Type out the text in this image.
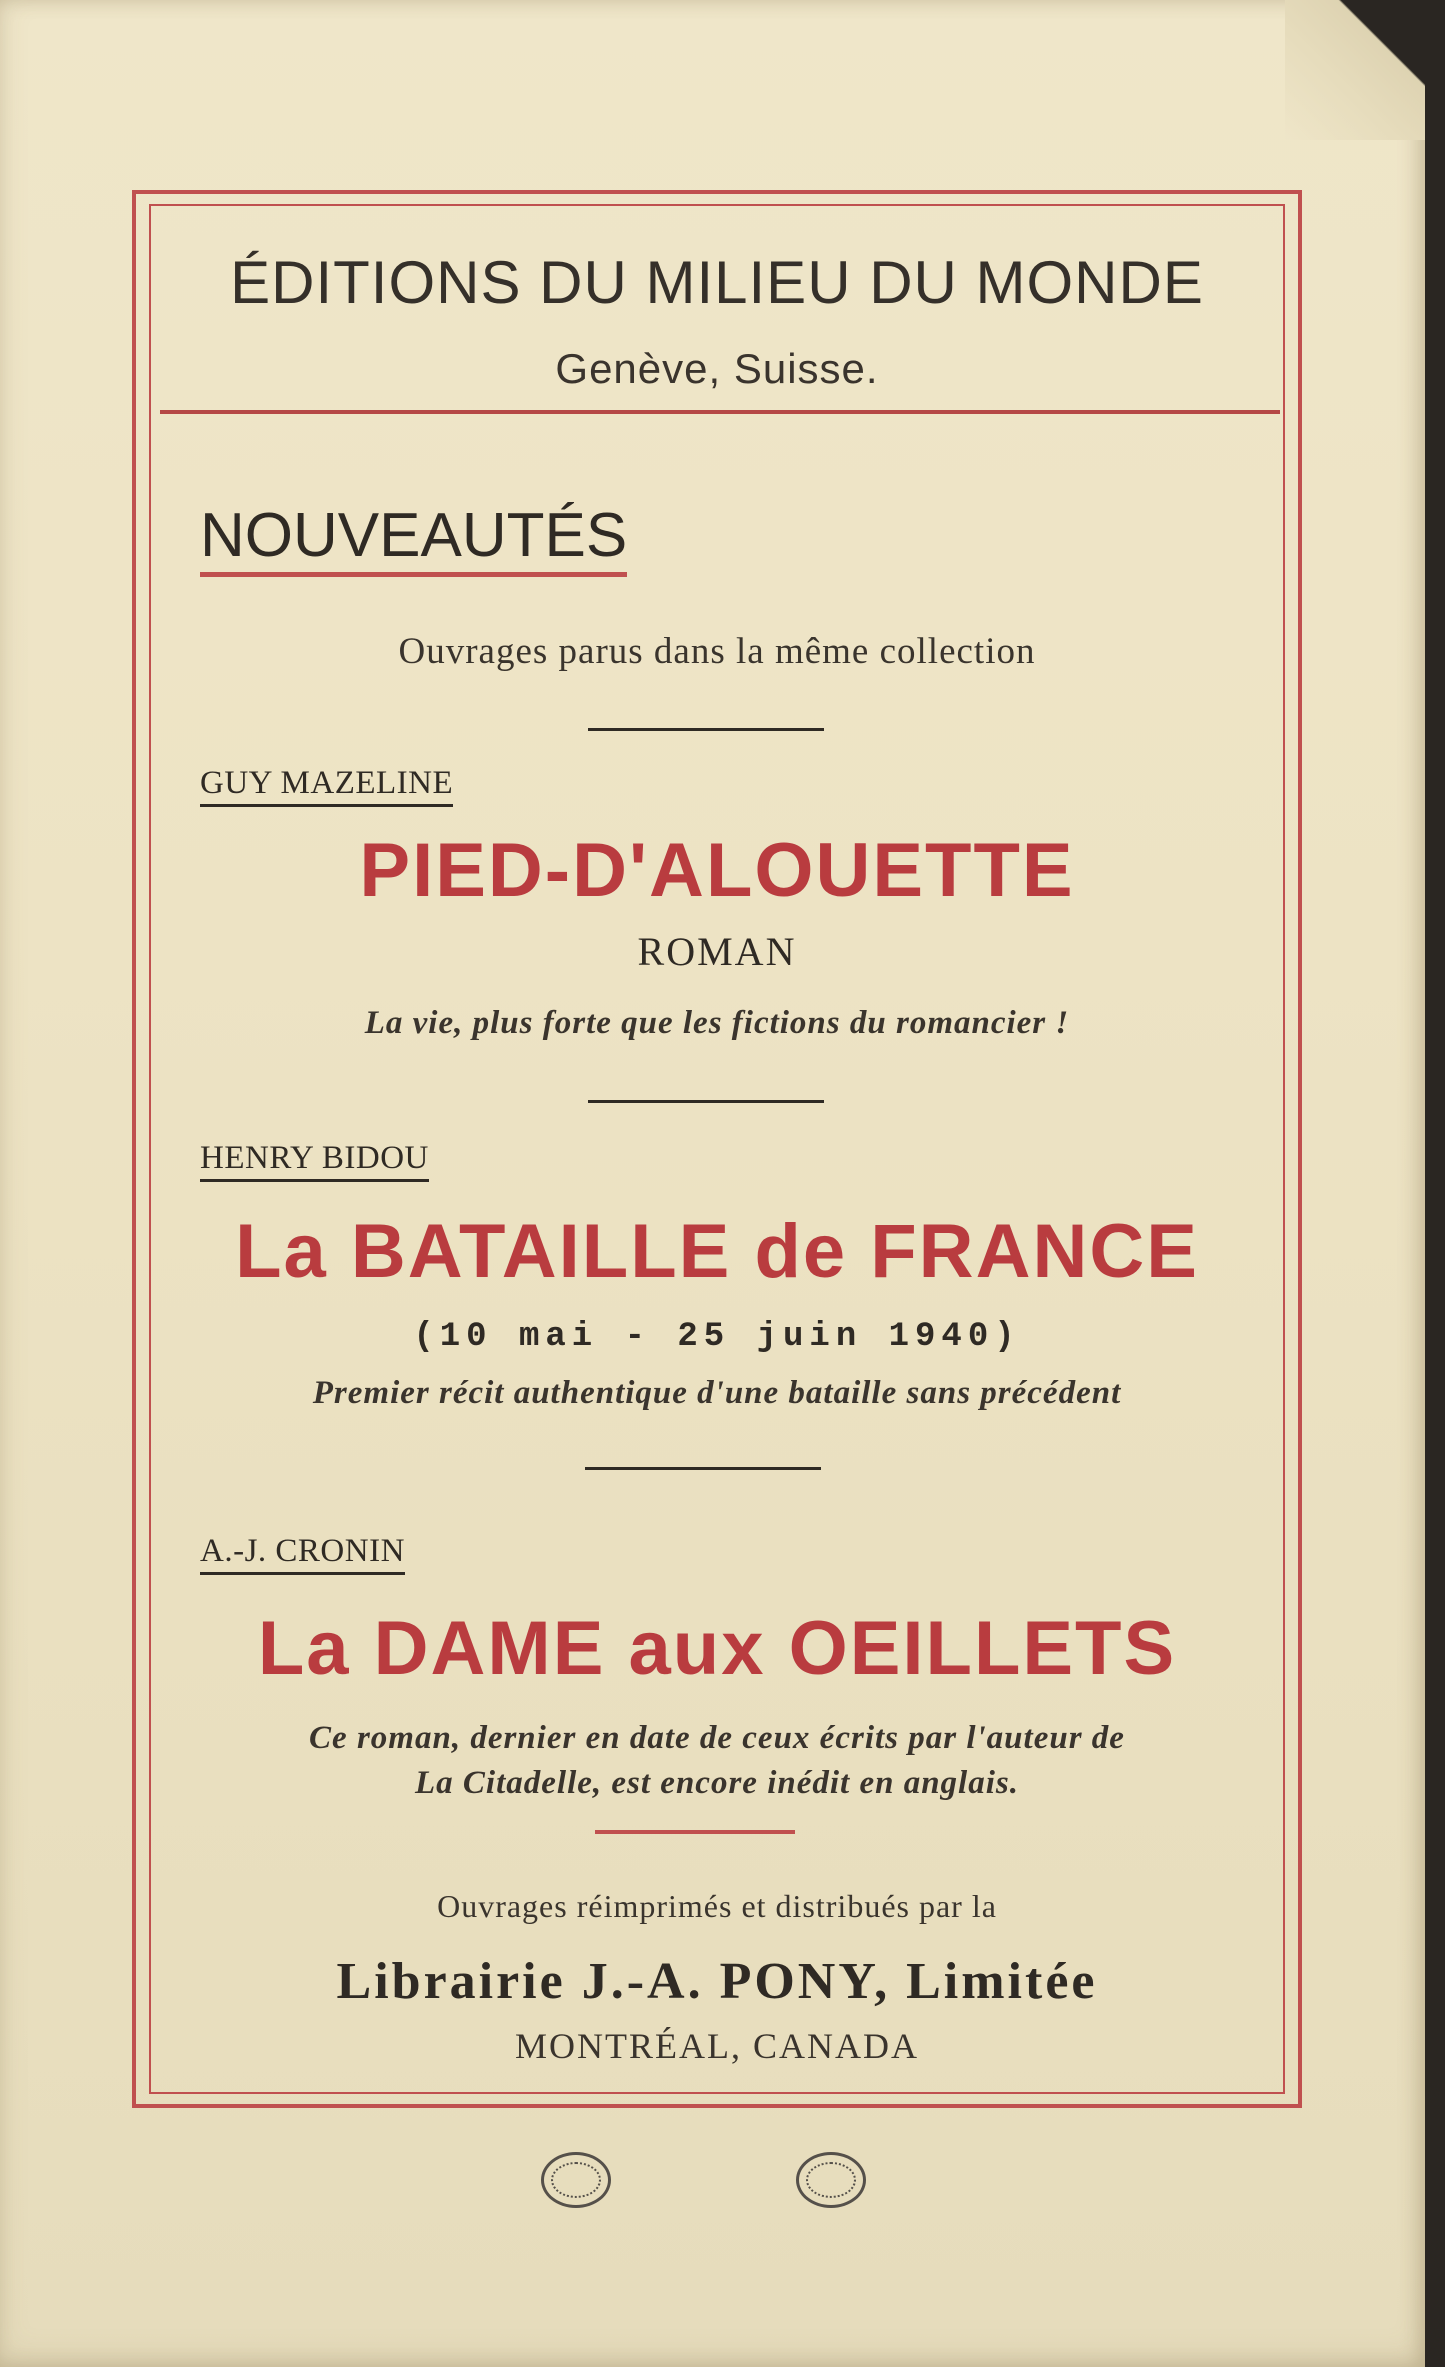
ÉDITIONS DU MILIEU DU MONDE

Genève, Suisse.

NOUVEAUTÉS

Ouvrages parus dans la même collection

GUY MAZELINE

PIED-D'ALOUETTE

ROMAN

La vie, plus forte que les fictions du romancier !

HENRY BIDOU

La BATAILLE de FRANCE

(10 mai - 25 juin 1940)

Premier récit authentique d'une bataille sans précédent

A.-J. CRONIN

La DAME aux OEILLETS

Ce roman, dernier en date de ceux écrits par l'auteur de

La Citadelle, est encore inédit en anglais.

Ouvrages réimprimés et distribués par la

Librairie J.-A. PONY, Limitée

MONTRÉAL, CANADA
